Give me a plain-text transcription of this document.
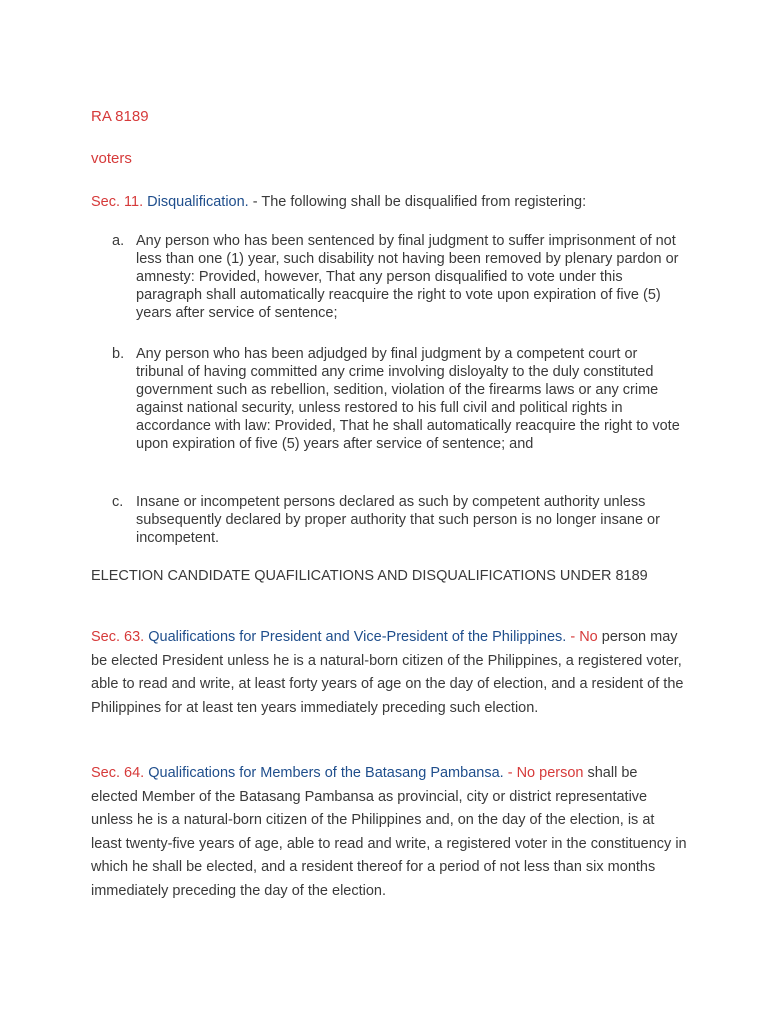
RA 8189

voters

Sec. 11. Disqualification. - The following shall be disqualified from registering:

a. Any person who has been sentenced by final judgment to suffer imprisonment of not less than one (1) year, such disability not having been removed by plenary pardon or amnesty: Provided, however, That any person disqualified to vote under this paragraph shall automatically reacquire the right to vote upon expiration of five (5) years after service of sentence;

b. Any person who has been adjudged by final judgment by a competent court or tribunal of having committed any crime involving disloyalty to the duly constituted government such as rebellion, sedition, violation of the firearms laws or any crime against national security, unless restored to his full civil and political rights in accordance with law: Provided, That he shall automatically reacquire the right to vote upon expiration of five (5) years after service of sentence; and

c. Insane or incompetent persons declared as such by competent authority unless subsequently declared by proper authority that such person is no longer insane or incompetent.

ELECTION CANDIDATE QUAFILICATIONS AND DISQUALIFICATIONS UNDER 8189

Sec. 63. Qualifications for President and Vice-President of the Philippines. - No person may be elected President unless he is a natural-born citizen of the Philippines, a registered voter, able to read and write, at least forty years of age on the day of election, and a resident of the Philippines for at least ten years immediately preceding such election.

Sec. 64. Qualifications for Members of the Batasang Pambansa. - No person shall be elected Member of the Batasang Pambansa as provincial, city or district representative unless he is a natural-born citizen of the Philippines and, on the day of the election, is at least twenty-five years of age, able to read and write, a registered voter in the constituency in which he shall be elected, and a resident thereof for a period of not less than six months immediately preceding the day of the election.
